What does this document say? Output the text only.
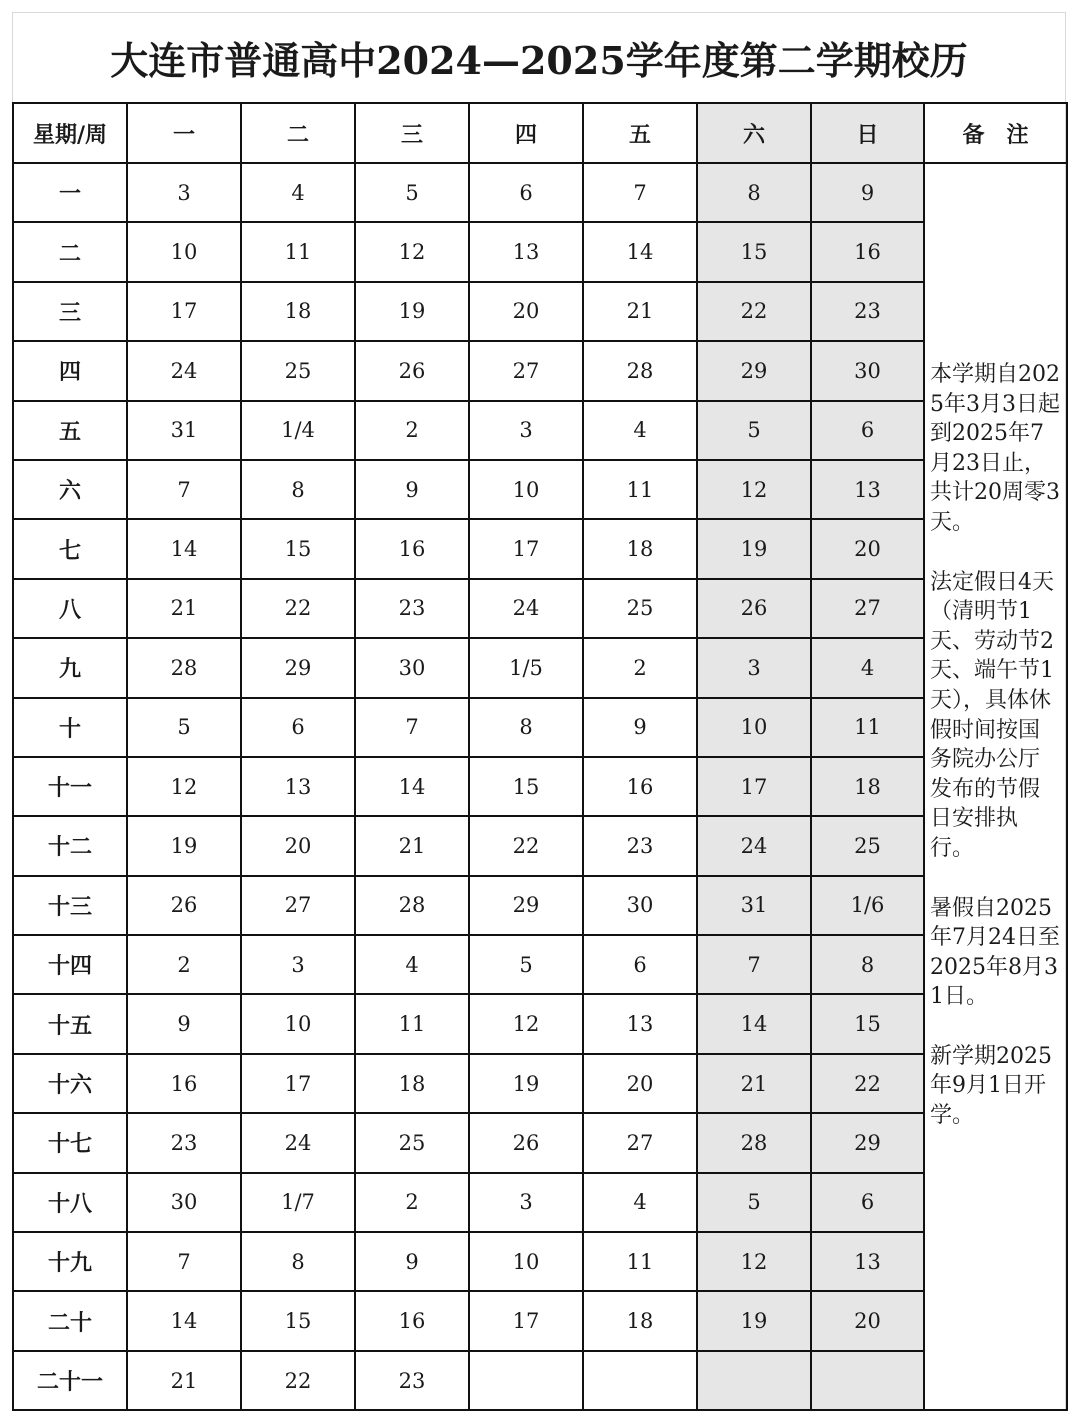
大连市普通高中2024—2025学年度第二学期校历
星期/周	一	二	三	四	五	六	日	备　注
一	3	4	5	6	7	8	9	本学期自2025年3月3日起到2025年7月23日止，共计20周零3天。

法定假日4天（清明节1天、劳动节2天、端午节1天），具体休假时间按国务院办公厅发布的节假日安排执行。

暑假自2025年7月24日至2025年8月31日。

新学期2025年9月1日开学。

二	10	11	12	13	14	15	16	
三	17	18	19	20	21	22	23	
四	24	25	26	27	28	29	30	
五	31	1/4	2	3	4	5	6	
六	7	8	9	10	11	12	13	
七	14	15	16	17	18	19	20	
八	21	22	23	24	25	26	27	
九	28	29	30	1/5	2	3	4	
十	5	6	7	8	9	10	11	
十一	12	13	14	15	16	17	18	
十二	19	20	21	22	23	24	25	
十三	26	27	28	29	30	31	1/6	
十四	2	3	4	5	6	7	8	
十五	9	10	11	12	13	14	15	
十六	16	17	18	19	20	21	22	
十七	23	24	25	26	27	28	29	
十八	30	1/7	2	3	4	5	6	
十九	7	8	9	10	11	12	13	
二十	14	15	16	17	18	19	20	
二十一	21	22	23					
